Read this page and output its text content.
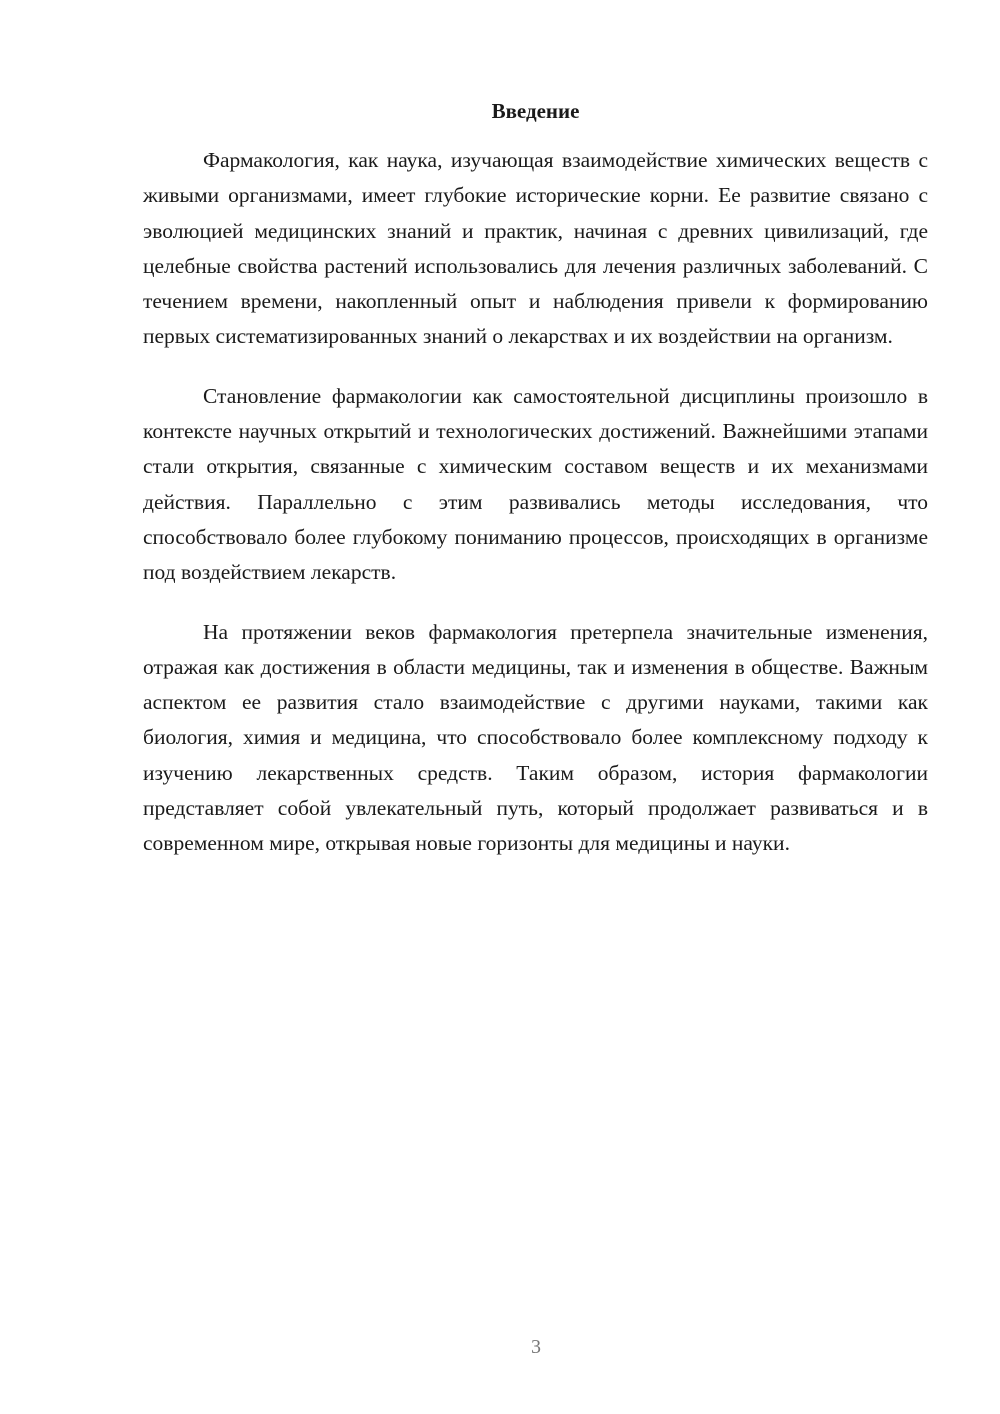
Введение

Фармакология, как наука, изучающая взаимодействие химических веществ с живыми организмами, имеет глубокие исторические корни. Ее развитие связано с эволюцией медицинских знаний и практик, начиная с древних цивилизаций, где целебные свойства растений использовались для лечения различных заболеваний. С течением времени, накопленный опыт и наблюдения привели к формированию первых систематизированных знаний о лекарствах и их воздействии на организм.

Становление фармакологии как самостоятельной дисциплины произошло в контексте научных открытий и технологических достижений. Важнейшими этапами стали открытия, связанные с химическим составом веществ и их механизмами действия. Параллельно с этим развивались методы исследования, что способствовало более глубокому пониманию процессов, происходящих в организме под воздействием лекарств.

На протяжении веков фармакология претерпела значительные изменения, отражая как достижения в области медицины, так и изменения в обществе. Важным аспектом ее развития стало взаимодействие с другими науками, такими как биология, химия и медицина, что способствовало более комплексному подходу к изучению лекарственных средств. Таким образом, история фармакологии представляет собой увлекательный путь, который продолжает развиваться и в современном мире, открывая новые горизонты для медицины и науки.

3
